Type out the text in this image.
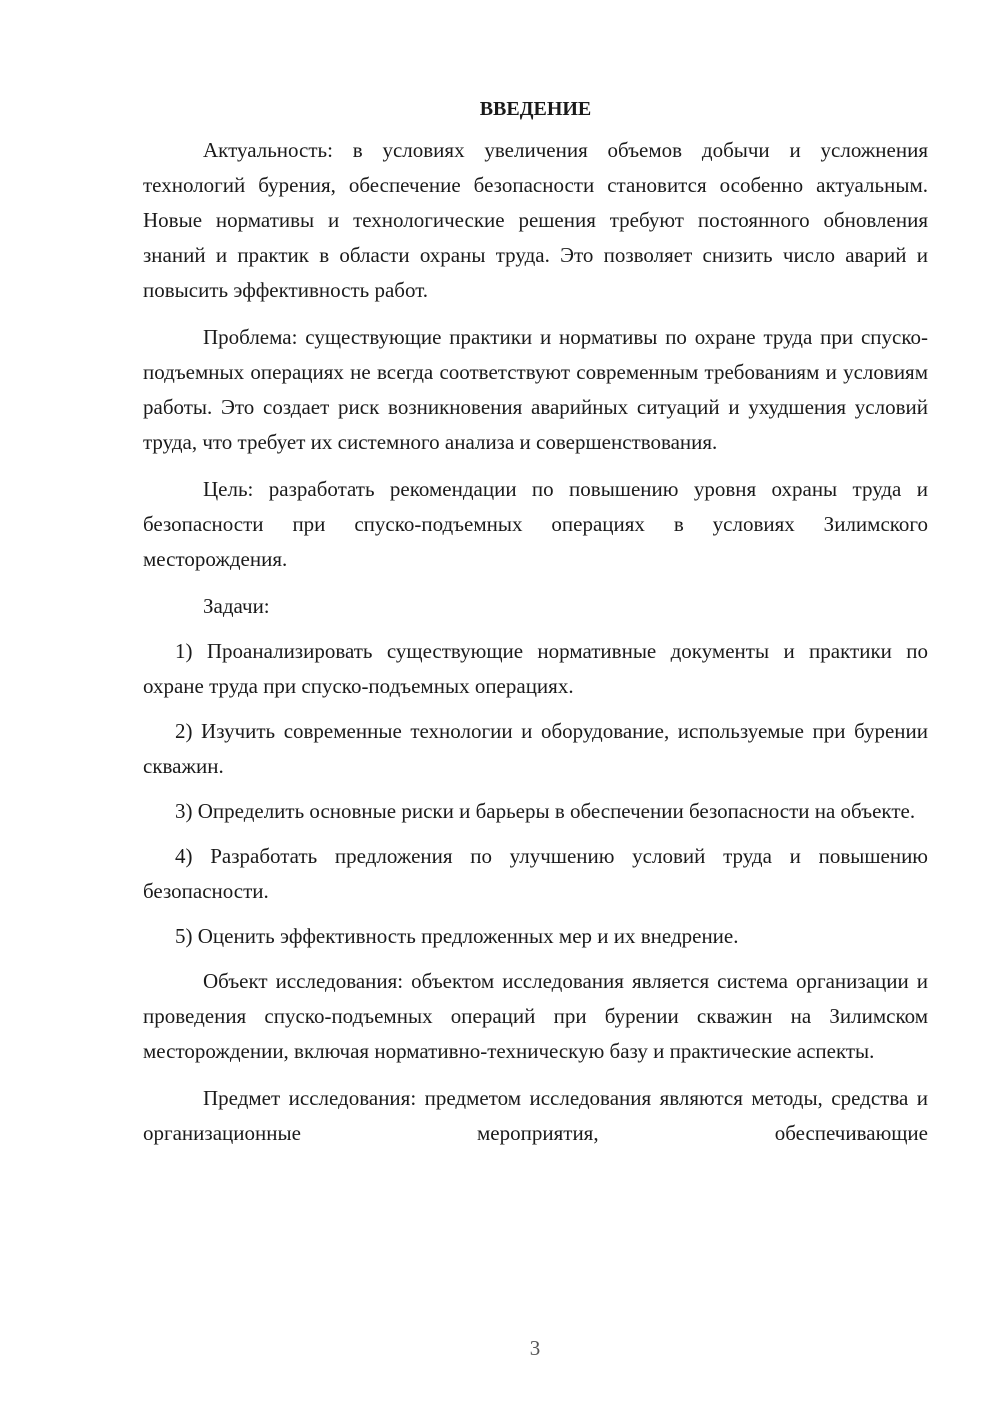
ВВЕДЕНИЕ

Актуальность: в условиях увеличения объемов добычи и усложнения технологий бурения, обеспечение безопасности становится особенно актуальным. Новые нормативы и технологические решения требуют постоянного обновления знаний и практик в области охраны труда. Это позволяет снизить число аварий и повысить эффективность работ.

Проблема: существующие практики и нормативы по охране труда при спуско-подъемных операциях не всегда соответствуют современным требованиям и условиям работы. Это создает риск возникновения аварийных ситуаций и ухудшения условий труда, что требует их системного анализа и совершенствования.

Цель: разработать рекомендации по повышению уровня охраны труда и безопасности при спуско-подъемных операциях в условиях Зилимского месторождения.

Задачи:

1) Проанализировать существующие нормативные документы и практики по охране труда при спуско-подъемных операциях.

2) Изучить современные технологии и оборудование, используемые при бурении скважин.

3) Определить основные риски и барьеры в обеспечении безопасности на объекте.

4) Разработать предложения по улучшению условий труда и повышению безопасности.

5) Оценить эффективность предложенных мер и их внедрение.

Объект исследования: объектом исследования является система организации и проведения спуско-подъемных операций при бурении скважин на Зилимском месторождении, включая нормативно-техническую базу и практические аспекты.

Предмет исследования: предметом исследования являются методы, средства и организационные мероприятия, обеспечивающие

3
